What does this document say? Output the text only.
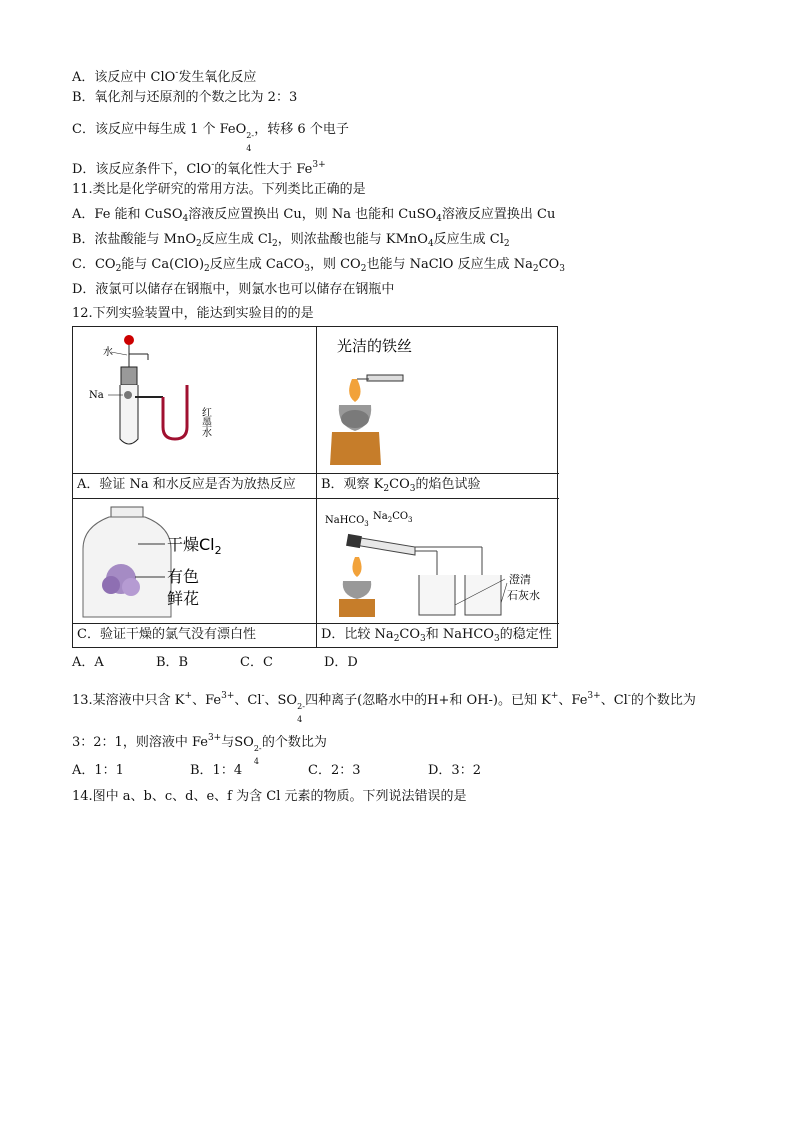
A．该反应中 ClO-发生氧化反应
B．氧化剂与还原剂的个数之比为 2：3
C．该反应中每生成 1 个 FeO 2-
4
，转移 6 个电子
D．该反应条件下，ClO-的氧化性大于 $Fe^{3+}$
11.类比是化学研究的常用方法。下列类比正确的是
A．Fe 能和 CuSO$_4$溶液反应置换出 Cu，则 Na 也能和 CuSO$_4$溶液反应置换出 Cu
B．浓盐酸能与 MnO$_2$反应生成 $Cl_2$，则浓盐酸也能与 KMnO$_4$反应生成 $Cl_2$
C．$CO_2$能与 $Ca(ClO)_2$反应生成 CaCO$_3$，则 $CO_2$也能与 NaClO 反应生成 $Na_2CO_3$
D．液氯可以储存在钢瓶中，则氯水也可以储存在钢瓶中
12.下列实验装置中，能达到实验目的的是
水
Na
红墨水
光洁的铁丝
A．验证 Na 和水反应是否为放热反应	B．观察 $K_2CO_3$的焰色试验
干燥$Cl_2$
有色
鲜花
NaHCO$_3$
$Na_2CO_3$
澄清
石灰水
C．验证干燥的氯气没有漂白性	D．比较 $Na_2CO_3$和 NaHCO$_3$的稳定性
A．A	B．B	C．C	D．D
13.某溶液中只含 K+、$Fe^{3+}$、Cl-、SO 2-
4
四种离子(忽略水中的H+和 OH-)。已知 K+、$Fe^{3+}$、Cl-的个数比为
3：2：1，则溶液中 $Fe^{3+}$与SO 2-
4
的个数比为
A．1：1	B．1：4	C．2：3	D．3：2
14.图中 a、b、c、d、e、f 为含 Cl 元素的物质。下列说法错误的是
